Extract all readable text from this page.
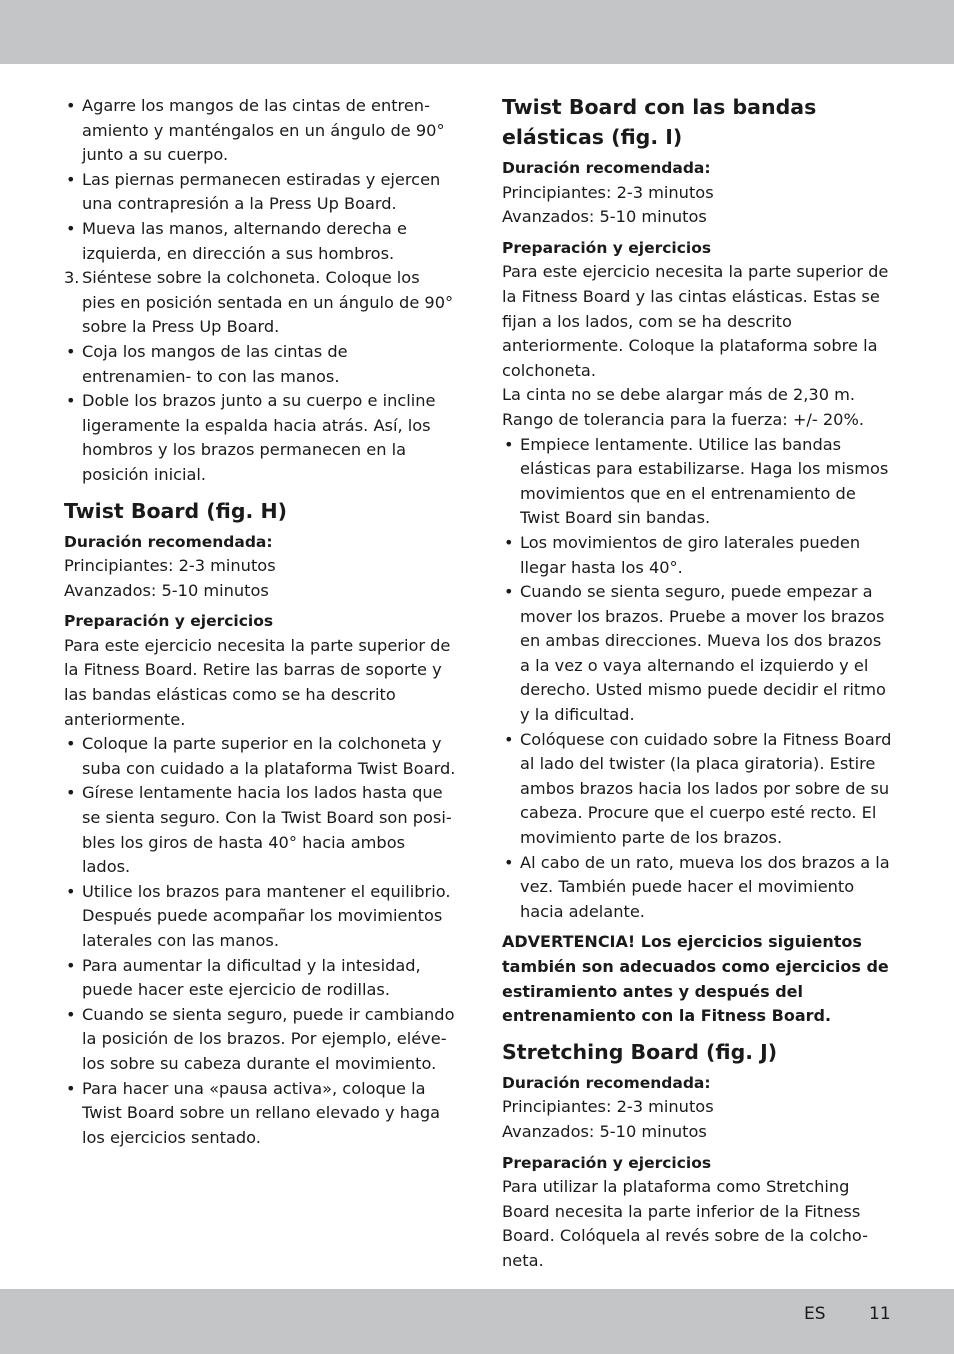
• Agarre los mangos de las cintas de entren- amiento y manténgalos en un ángulo de 90° junto a su cuerpo.

• Las piernas permanecen estiradas y ejercen una contrapresión a la Press Up Board.

• Mueva las manos, alternando derecha e izquierda, en dirección a sus hombros.

3. Siéntese sobre la colchoneta. Coloque los pies en posición sentada en un ángulo de 90° sobre la Press Up Board.

• Coja los mangos de las cintas de entrenamien- to con las manos.

• Doble los brazos junto a su cuerpo e incline ligeramente la espalda hacia atrás. Así, los hombros y los brazos permanecen en la posición inicial.

Twist Board (fig. H)

Duración recomendada:

Principiantes: 2-3 minutos

Avanzados: 5-10 minutos

Preparación y ejercicios

Para este ejercicio necesita la parte superior de la Fitness Board. Retire las barras de soporte y las bandas elásticas como se ha descrito anteriormente.

• Coloque la parte superior en la colchoneta y suba con cuidado a la plataforma Twist Board.

• Gírese lentamente hacia los lados hasta que se sienta seguro. Con la Twist Board son posi- bles los giros de hasta 40° hacia ambos lados.

• Utilice los brazos para mantener el equilibrio. Después puede acompañar los movimientos laterales con las manos.

• Para aumentar la dificultad y la intesidad, puede hacer este ejercicio de rodillas.

• Cuando se sienta seguro, puede ir cambiando la posición de los brazos. Por ejemplo, eléve- los sobre su cabeza durante el movimiento.

• Para hacer una «pausa activa», coloque la Twist Board sobre un rellano elevado y haga los ejercicios sentado.

Twist Board con las bandas elásticas (fig. I)

Duración recomendada:

Principiantes: 2-3 minutos

Avanzados: 5-10 minutos

Preparación y ejercicios

Para este ejercicio necesita la parte superior de la Fitness Board y las cintas elásticas. Estas se fijan a los lados, com se ha descrito anteriormente. Coloque la plataforma sobre la colchoneta.

La cinta no se debe alargar más de 2,30 m.

Rango de tolerancia para la fuerza: +/- 20%.

• Empiece lentamente. Utilice las bandas elásticas para estabilizarse. Haga los mismos movimientos que en el entrenamiento de Twist Board sin bandas.

• Los movimientos de giro laterales pueden llegar hasta los 40°.

• Cuando se sienta seguro, puede empezar a mover los brazos. Pruebe a mover los brazos en ambas direcciones. Mueva los dos brazos a la vez o vaya alternando el izquierdo y el derecho. Usted mismo puede decidir el ritmo y la dificultad.

• Colóquese con cuidado sobre la Fitness Board al lado del twister (la placa giratoria). Estire ambos brazos hacia los lados por sobre de su cabeza. Procure que el cuerpo esté recto. El movimiento parte de los brazos.

• Al cabo de un rato, mueva los dos brazos a la vez. También puede hacer el movimiento hacia adelante.

ADVERTENCIA! Los ejercicios siguientos también son adecuados como ejercicios de estiramiento antes y después del entrenamiento con la Fitness Board.

Stretching Board (fig. J)

Duración recomendada:

Principiantes: 2-3 minutos

Avanzados: 5-10 minutos

Preparación y ejercicios

Para utilizar la plataforma como Stretching Board necesita la parte inferior de la Fitness Board. Colóquela al revés sobre de la colcho- neta.

ES	11
